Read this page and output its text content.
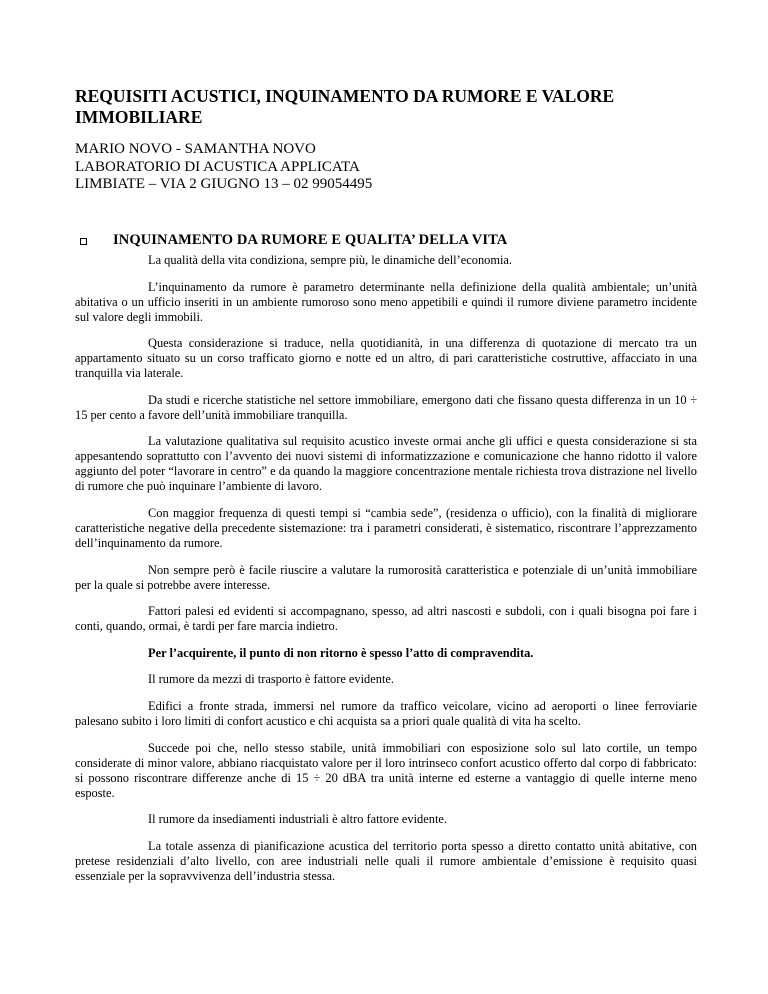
REQUISITI ACUSTICI, INQUINAMENTO DA RUMORE E VALORE IMMOBILIARE
MARIO NOVO - SAMANTHA NOVO
LABORATORIO DI ACUSTICA APPLICATA
LIMBIATE – VIA 2 GIUGNO 13 – 02 99054495
INQUINAMENTO DA RUMORE E QUALITA’ DELLA VITA

La qualità della vita condiziona, sempre più, le dinamiche dell’economia.

L’inquinamento da rumore è parametro determinante nella definizione della qualità ambientale; un’unità abitativa o un ufficio inseriti in un ambiente rumoroso sono meno appetibili e quindi il rumore diviene parametro incidente sul valore degli immobili.

Questa considerazione si traduce, nella quotidianità, in una differenza di quotazione di mercato tra un appartamento situato su un corso trafficato giorno e notte ed un altro, di pari caratteristiche costruttive, affacciato in una tranquilla via laterale.

Da studi e ricerche statistiche nel settore immobiliare, emergono dati che fissano questa differenza in un 10 ÷ 15 per cento a favore dell’unità immobiliare tranquilla.

La valutazione qualitativa sul requisito acustico investe ormai anche gli uffici e questa considerazione si sta appesantendo soprattutto con l’avvento dei nuovi sistemi di informatizzazione e comunicazione che hanno ridotto il valore aggiunto del poter “lavorare in centro” e da quando la maggiore concentrazione mentale richiesta trova distrazione nel livello di rumore che può inquinare l’ambiente di lavoro.

Con maggior frequenza di questi tempi si “cambia sede”, (residenza o ufficio), con la finalità di migliorare caratteristiche negative della precedente sistemazione: tra i parametri considerati, è sistematico, riscontrare l’apprezzamento dell’inquinamento da rumore.

Non sempre però è facile riuscire a valutare la rumorosità caratteristica e potenziale di un’unità immobiliare per la quale si potrebbe avere interesse.

Fattori palesi ed evidenti si accompagnano, spesso, ad altri nascosti e subdoli, con i quali bisogna poi fare i conti, quando, ormai, è tardi per fare marcia indietro.

Per l’acquirente, il punto di non ritorno è spesso l’atto di compravendita.

Il rumore da mezzi di trasporto è fattore evidente.

Edifici a fronte strada, immersi nel rumore da traffico veicolare, vicino ad aeroporti o linee ferroviarie palesano subito i loro limiti di confort acustico e chi acquista sa a priori quale qualità di vita ha scelto.

Succede poi che, nello stesso stabile, unità immobiliari con esposizione solo sul lato cortile, un tempo considerate di minor valore, abbiano riacquistato valore per il loro intrinseco confort acustico offerto dal corpo di fabbricato: si possono riscontrare differenze anche di 15 ÷ 20 dBA tra unità interne ed esterne a vantaggio di quelle interne meno esposte.

Il rumore da insediamenti industriali è altro fattore evidente.

La totale assenza di pianificazione acustica del territorio porta spesso a diretto contatto unità abitative, con pretese residenziali d’alto livello, con aree industriali nelle quali il rumore ambientale d’emissione è requisito quasi essenziale per la sopravvivenza dell’industria stessa.
